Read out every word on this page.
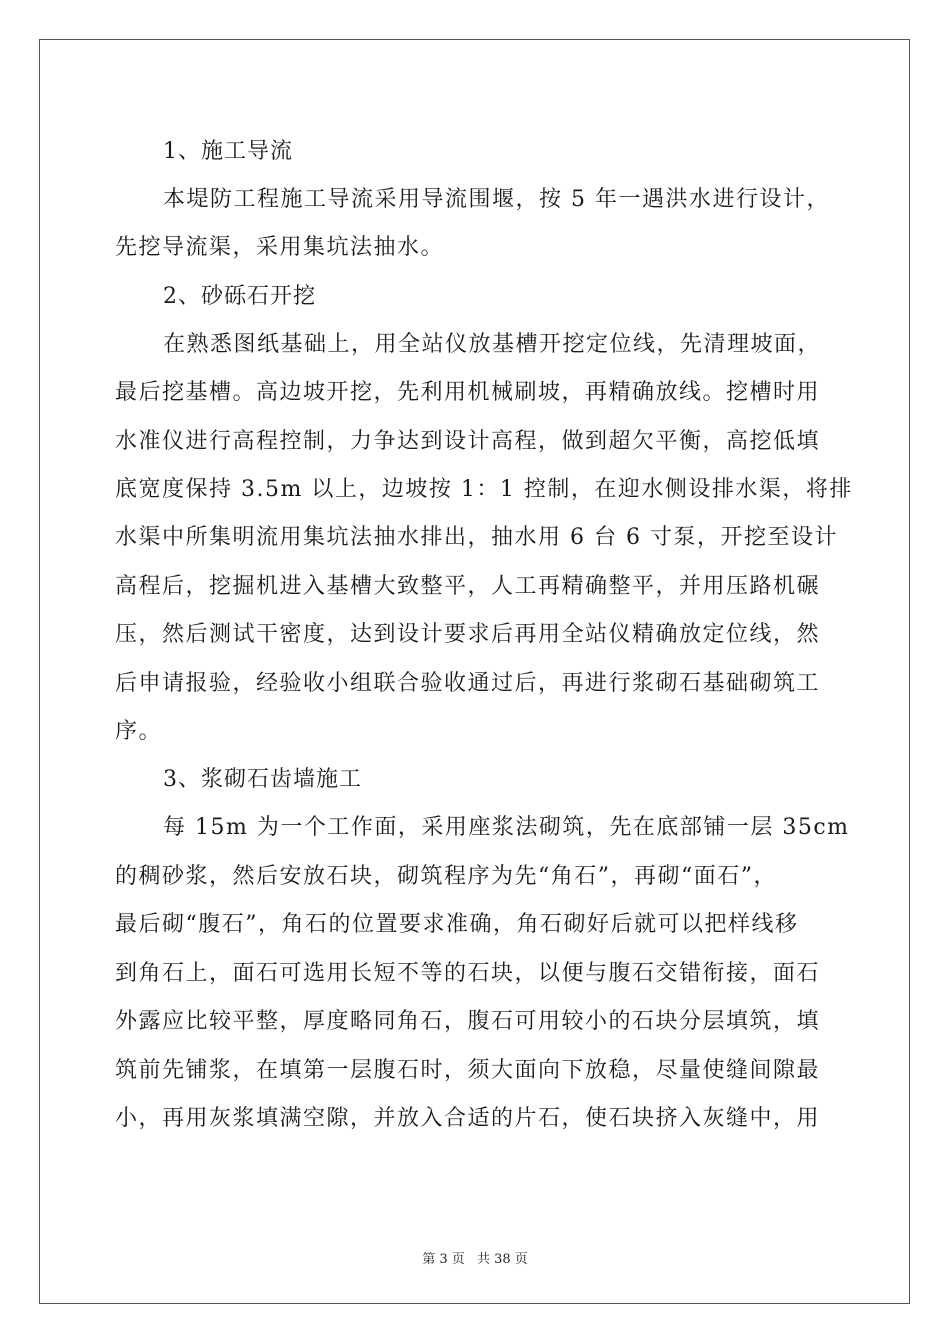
1、施工导流

本堤防工程施工导流采用导流围堰，按 5 年一遇洪水进行设计，
先挖导流渠，采用集坑法抽水。

2、砂砾石开挖

在熟悉图纸基础上，用全站仪放基槽开挖定位线，先清理坡面，
最后挖基槽。高边坡开挖，先利用机械刷坡，再精确放线。挖槽时用
水准仪进行高程控制，力争达到设计高程，做到超欠平衡，高挖低填
底宽度保持 3.5m 以上，边坡按 1：1 控制，在迎水侧设排水渠，将排
水渠中所集明流用集坑法抽水排出，抽水用 6 台 6 寸泵，开挖至设计
高程后，挖掘机进入基槽大致整平，人工再精确整平，并用压路机碾
压，然后测试干密度，达到设计要求后再用全站仪精确放定位线，然
后申请报验，经验收小组联合验收通过后，再进行浆砌石基础砌筑工
序。

3、浆砌石齿墙施工

每 15m 为一个工作面，采用座浆法砌筑，先在底部铺一层 35cm
的稠砂浆，然后安放石块，砌筑程序为先“角石”，再砌“面石”，
最后砌“腹石”，角石的位置要求准确，角石砌好后就可以把样线移
到角石上，面石可选用长短不等的石块，以便与腹石交错衔接，面石
外露应比较平整，厚度略同角石，腹石可用较小的石块分层填筑，填
筑前先铺浆，在填第一层腹石时，须大面向下放稳，尽量使缝间隙最
小，再用灰浆填满空隙，并放入合适的片石，使石块挤入灰缝中，用

第 3 页 共 38 页
